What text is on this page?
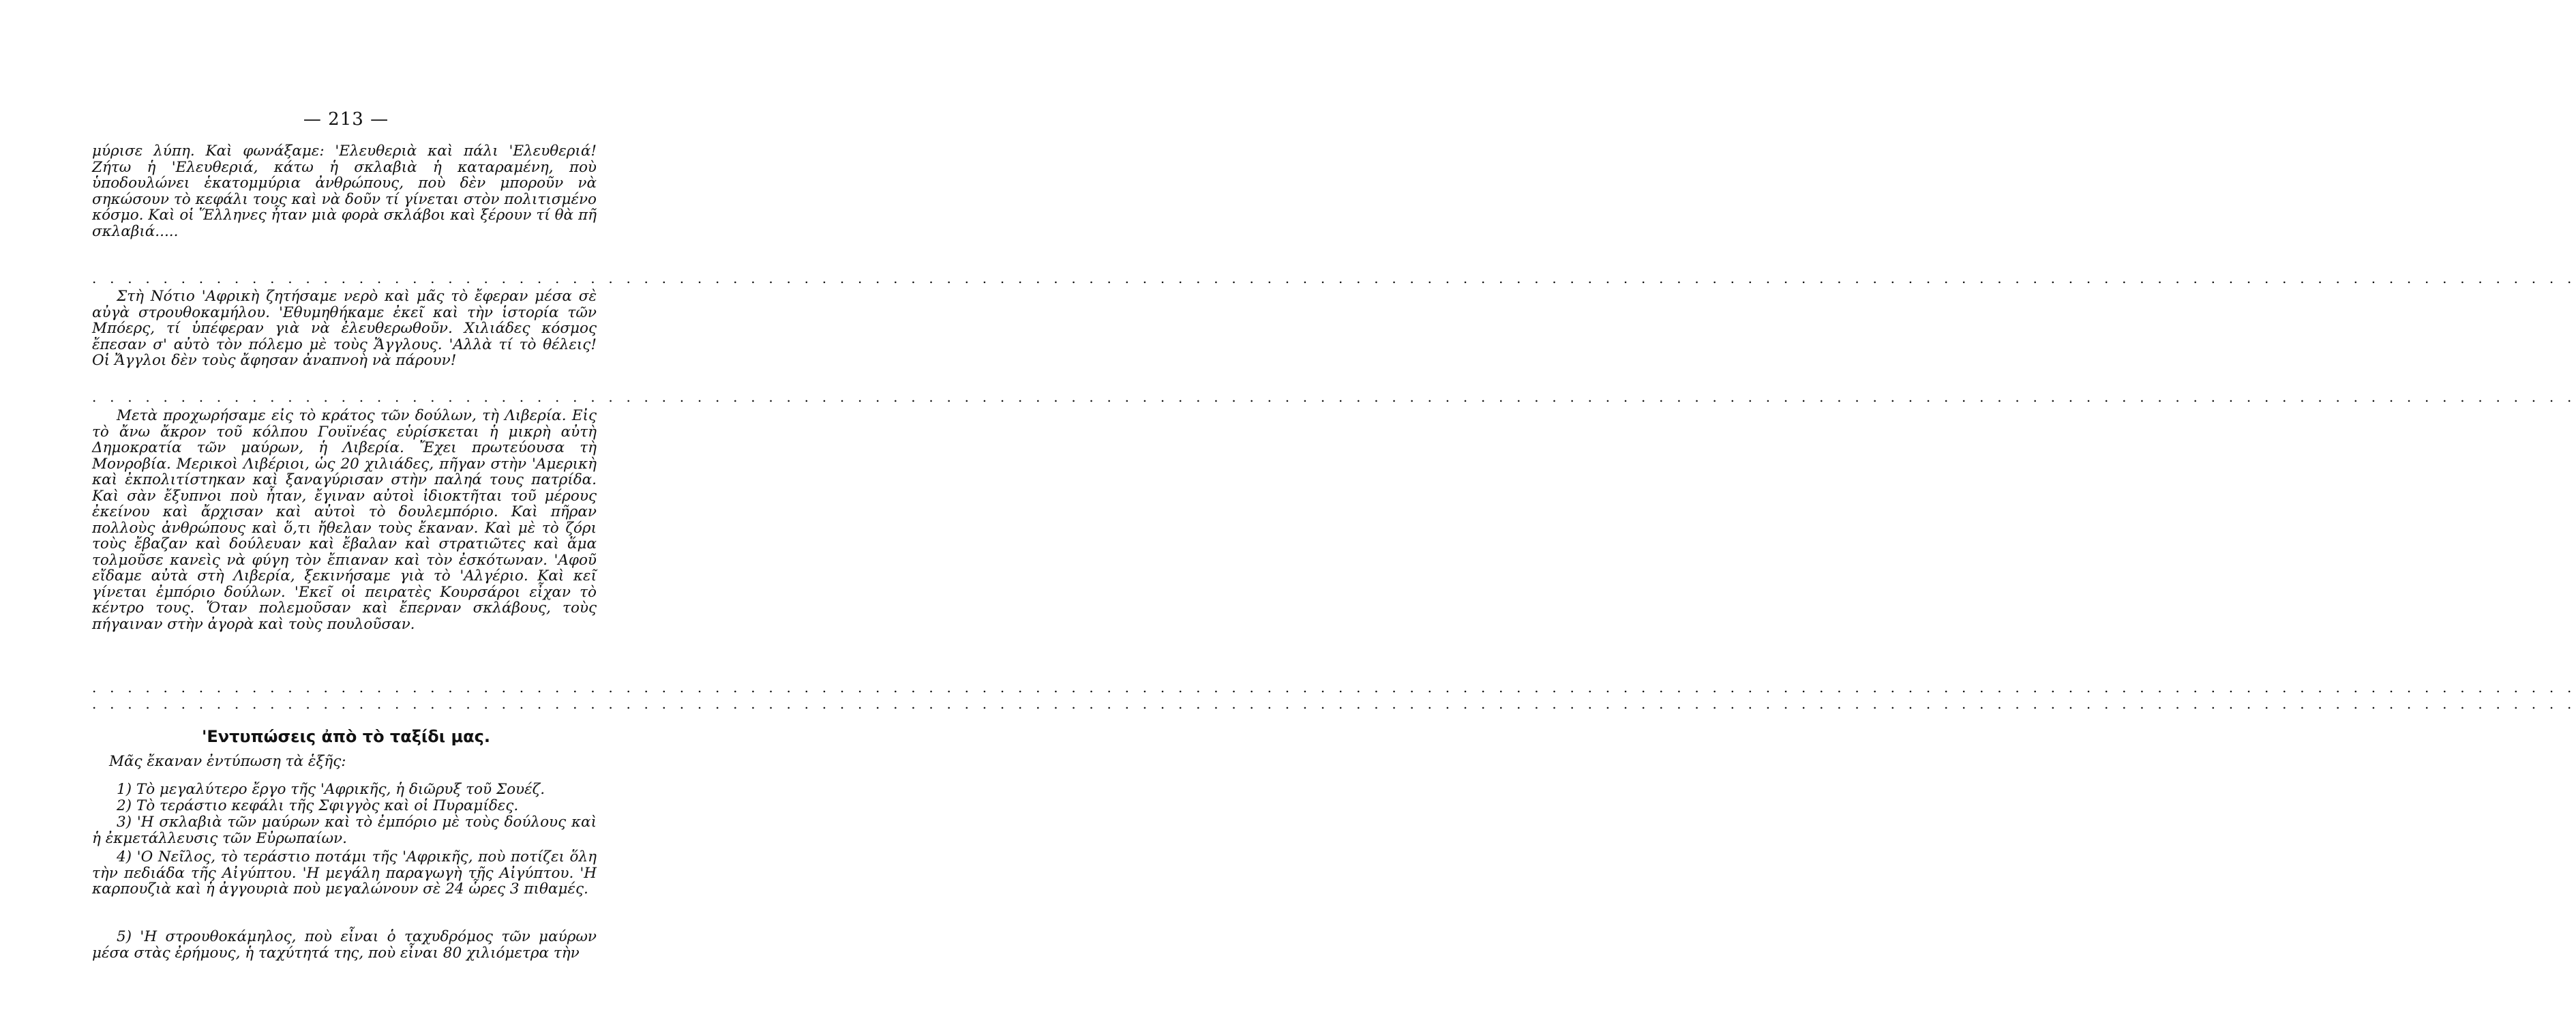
— 213 —

μύρισε λύπη. Καὶ φωνάξαμε: 'Ελευθεριὰ καὶ πάλι 'Ελευθεριά! Ζήτω ἡ 'Ελευθεριά, κάτω ἡ σκλαβιὰ ἡ καταραμένη, ποὺ ὑποδουλώνει ἑκατομμύρια ἀνθρώπους, ποὺ δὲν μποροῦν νὰ σηκώσουν τὸ κεφάλι τους καὶ νὰ δοῦν τί γίνεται στὸν πολιτισμένο κόσμο. Καὶ οἱ Ἕλληνες ἦταν μιὰ φορὰ σκλάβοι καὶ ξέρουν τί θὰ πῆ σκλαβιά.....

. . . . . . . . . . . . . . . . . . . . . . . . . . . . . . . . . . . . . . . . . . . . . . . . . . . . . . . . . . . . . . . . . . . . . . . . . . . . . . . . . . . . . . . . . . . . . . . . . . . . . . . . . . . . . . . . . . . . . . . . . . . . . . . . . . . . . . . . . . . .

Στὴ Νότιο 'Αφρικὴ ζητήσαμε νερὸ καὶ μᾶς τὸ ἔφεραν μέσα σὲ αὐγὰ στρουθοκαμήλου. 'Εθυμηθήκαμε ἐκεῖ καὶ τὴν ἱστορία τῶν Μπόερς, τί ὑπέφεραν γιὰ νὰ ἐλευθερωθοῦν. Χιλιάδες κόσμος ἔπεσαν σ' αὐτὸ τὸν πόλεμο μὲ τοὺς Ἄγγλους. 'Αλλὰ τί τὸ θέλεις! Οἱ Ἄγγλοι δὲν τοὺς ἄφησαν ἀναπνοὴ νὰ πάρουν!

. . . . . . . . . . . . . . . . . . . . . . . . . . . . . . . . . . . . . . . . . . . . . . . . . . . . . . . . . . . . . . . . . . . . . . . . . . . . . . . . . . . . . . . . . . . . . . . . . . . . . . . . . . . . . . . . . . . . . . . . . . . . . . . . . . . . . . . . . . . .

Μετὰ προχωρήσαμε εἰς τὸ κράτος τῶν δούλων, τὴ Λιβερία. Εἰς τὸ ἄνω ἄκρον τοῦ κόλπου Γουϊνέας εὑρίσκεται ἡ μικρὴ αὐτὴ Δημοκρατία τῶν μαύρων, ἡ Λιβερία. Ἔχει πρωτεύουσα τὴ Μονροβία. Μερικοὶ Λιβέριοι, ὡς 20 χιλιάδες, πῆγαν στὴν 'Αμερικὴ καὶ ἐκπολιτίστηκαν καὶ ξαναγύρισαν στὴν παληά τους πατρίδα. Καὶ σὰν ἔξυπνοι ποὺ ἦταν, ἔγιναν αὐτοὶ ἰδιοκτῆται τοῦ μέρους ἐκείνου καὶ ἄρχισαν καὶ αὐτοὶ τὸ δουλεμπόριο. Καὶ πῆραν πολλοὺς ἀνθρώπους καὶ ὅ,τι ἤθελαν τοὺς ἔκαναν. Καὶ μὲ τὸ ζόρι τοὺς ἔβαζαν καὶ δούλευαν καὶ ἔβαλαν καὶ στρατιῶτες καὶ ἅμα τολμοῦσε κανεὶς νὰ φύγη τὸν ἔπιαναν καὶ τὸν ἐσκότωναν. 'Αφοῦ εἴδαμε αὐτὰ στὴ Λιβερία, ξεκινήσαμε γιὰ τὸ 'Αλγέριο. Καὶ κεῖ γίνεται ἐμπόριο δούλων. 'Εκεῖ οἱ πειρατὲς Κουρσάροι εἶχαν τὸ κέντρο τους. Ὅταν πολεμοῦσαν καὶ ἔπερναν σκλάβους, τοὺς πήγαιναν στὴν ἀγορὰ καὶ τοὺς πουλοῦσαν.

. . . . . . . . . . . . . . . . . . . . . . . . . . . . . . . . . . . . . . . . . . . . . . . . . . . . . . . . . . . . . . . . . . . . . . . . . . . . . . . . . . . . . . . . . . . . . . . . . . . . . . . . . . . . . . . . . . . . . . . . . . . . . . . . . . . . . . . . . . . .
. . . . . . . . . . . . . . . . . . . . . . . . . . . . . . . . . . . . . . . . . . . . . . . . . . . . . . . . . . . . . . . . . . . . . . . . . . . . . . . . . . . . . . . . . . . . . . . . . . . . . . . . . . . . . . . . . . . . . . . . . . . . . . . . . . . . . . . . . . . .
'Εντυπώσεις ἀπὸ τὸ ταξίδι μας.
Μᾶς ἔκαναν ἐντύπωση τὰ ἑξῆς:

1) Τὸ μεγαλύτερο ἔργο τῆς 'Αφρικῆς, ἡ διῶρυξ τοῦ Σουέζ.

2) Τὸ τεράστιο κεφάλι τῆς Σφιγγὸς καὶ οἱ Πυραμίδες.

3) 'Η σκλαβιὰ τῶν μαύρων καὶ τὸ ἐμπόριο μὲ τοὺς δούλους καὶ ἡ ἐκμετάλλευσις τῶν Εὐρωπαίων.

4) 'Ο Νεῖλος, τὸ τεράστιο ποτάμι τῆς 'Αφρικῆς, ποὺ ποτίζει ὅλη τὴν πεδιάδα τῆς Αἰγύπτου. 'Η μεγάλη παραγωγὴ τῆς Αἰγύπτου. 'Η καρπουζιὰ καὶ ἡ ἀγγουριὰ ποὺ μεγαλώνουν σὲ 24 ὧρες 3 πιθαμές.

5) 'Η στρουθοκάμηλος, ποὺ εἶναι ὁ ταχυδρόμος τῶν μαύρων μέσα στὰς ἐρήμους, ἡ ταχύτητά της, ποὺ εἶναι 80 χιλιόμετρα τὴν
